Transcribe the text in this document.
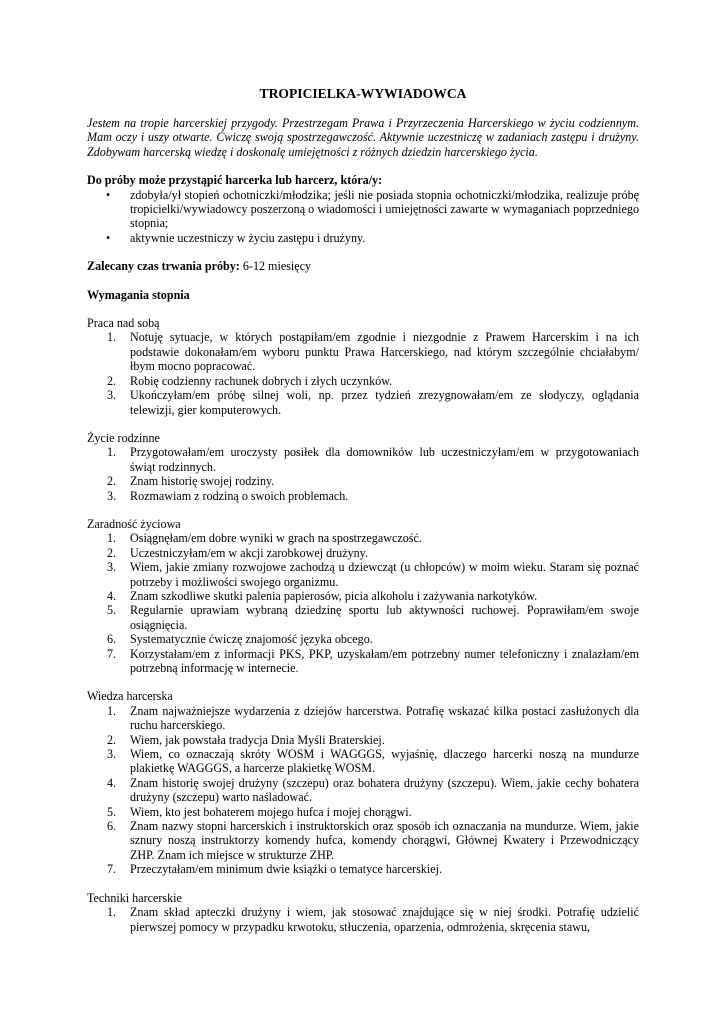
TROPICIELKA-WYWIADOWCA

Jestem na tropie harcerskiej przygody. Przestrzegam Prawa i Przyrzeczenia Harcerskiego w życiu codziennym. Mam oczy i uszy otwarte. Ćwiczę swoją spostrzegawczość. Aktywnie uczestniczę w zadaniach zastępu i drużyny. Zdobywam harcerską wiedzę i doskonalę umiejętności z różnych dziedzin harcerskiego życia.

Do próby może przystąpić harcerka lub harcerz, która/y:

• zdobyła/ył stopień ochotniczki/młodzika; jeśli nie posiada stopnia ochotniczki/młodzika, realizuje próbę tropicielki/wywiadowcy poszerzoną o wiadomości i umiejętności zawarte w wymaganiach poprzedniego stopnia;
• aktywnie uczestniczy w życiu zastępu i drużyny.

Zalecany czas trwania próby: 6-12 miesięcy

Wymagania stopnia

Praca nad sobą

1. Notuję sytuacje, w których postąpiłam/em zgodnie i niezgodnie z Prawem Harcerskim i na ich podstawie dokonałam/em wyboru punktu Prawa Harcerskiego, nad którym szczególnie chciałabym/łbym mocno popracować.
2. Robię codzienny rachunek dobrych i złych uczynków.
3. Ukończyłam/em próbę silnej woli, np. przez tydzień zrezygnowałam/em ze słodyczy, oglądania telewizji, gier komputerowych.

Życie rodzinne

1. Przygotowałam/em uroczysty posiłek dla domowników lub uczestniczyłam/em w przygotowaniach świąt rodzinnych.
2. Znam historię swojej rodziny.
3. Rozmawiam z rodziną o swoich problemach.

Zaradność życiowa

1. Osiągnęłam/em dobre wyniki w grach na spostrzegawczość.
2. Uczestniczyłam/em w akcji zarobkowej drużyny.
3. Wiem, jakie zmiany rozwojowe zachodzą u dziewcząt (u chłopców) w moim wieku. Staram się poznać potrzeby i możliwości swojego organizmu.
4. Znam szkodliwe skutki palenia papierosów, picia alkoholu i zażywania narkotyków.
5. Regularnie uprawiam wybraną dziedzinę sportu lub aktywności ruchowej. Poprawiłam/em swoje osiągnięcia.
6. Systematycznie ćwiczę znajomość języka obcego.
7. Korzystałam/em z informacji PKS, PKP, uzyskałam/em potrzebny numer telefoniczny i znalazłam/em potrzebną informację w internecie.

Wiedza harcerska

1. Znam najważniejsze wydarzenia z dziejów harcerstwa. Potrafię wskazać kilka postaci zasłużonych dla ruchu harcerskiego.
2. Wiem, jak powstała tradycja Dnia Myśli Braterskiej.
3. Wiem, co oznaczają skróty WOSM i WAGGGS, wyjaśnię, dlaczego harcerki noszą na mundurze plakietkę WAGGGS, a harcerze plakietkę WOSM.
4. Znam historię swojej drużyny (szczepu) oraz bohatera drużyny (szczepu). Wiem, jakie cechy bohatera drużyny (szczepu) warto naśladować.
5. Wiem, kto jest bohaterem mojego hufca i mojej chorągwi.
6. Znam nazwy stopni harcerskich i instruktorskich oraz sposób ich oznaczania na mundurze. Wiem, jakie sznury noszą instruktorzy komendy hufca, komendy chorągwi, Głównej Kwatery i Przewodniczący ZHP. Znam ich miejsce w strukturze ZHP.
7. Przeczytałam/em minimum dwie książki o tematyce harcerskiej.

Techniki harcerskie

1. Znam skład apteczki drużyny i wiem, jak stosować znajdujące się w niej środki. Potrafię udzielić pierwszej pomocy w przypadku krwotoku, stłuczenia, oparzenia, odmrożenia, skręcenia stawu,
